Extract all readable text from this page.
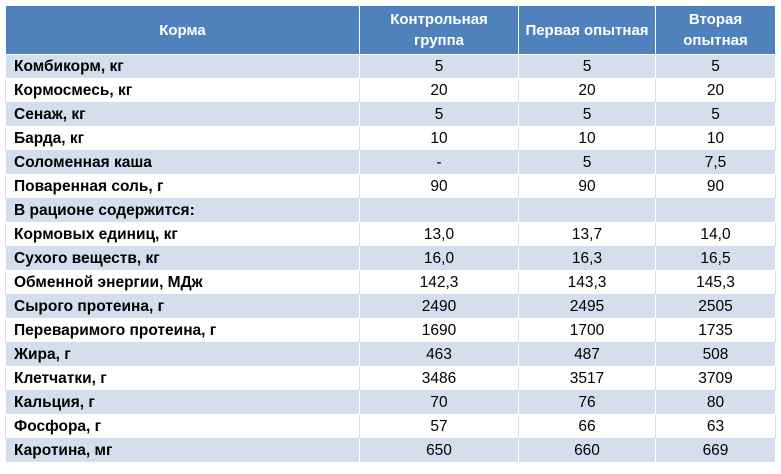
Корма	Контрольная группа	Первая опытная	Вторая опытная
Комбикорм, кг	5	5	5
Кормосмесь, кг	20	20	20
Сенаж, кг	5	5	5
Барда, кг	10	10	10
Соломенная каша	-	5	7,5
Поваренная соль, г	90	90	90
В рационе содержится:			
Кормовых единиц, кг	13,0	13,7	14,0
Сухого веществ, кг	16,0	16,3	16,5
Обменной энергии, МДж	142,3	143,3	145,3
Сырого протеина, г	2490	2495	2505
Переваримого протеина, г	1690	1700	1735
Жира, г	463	487	508
Клетчатки, г	3486	3517	3709
Кальция, г	70	76	80
Фосфора, г	57	66	63
Каротина, мг	650	660	669
